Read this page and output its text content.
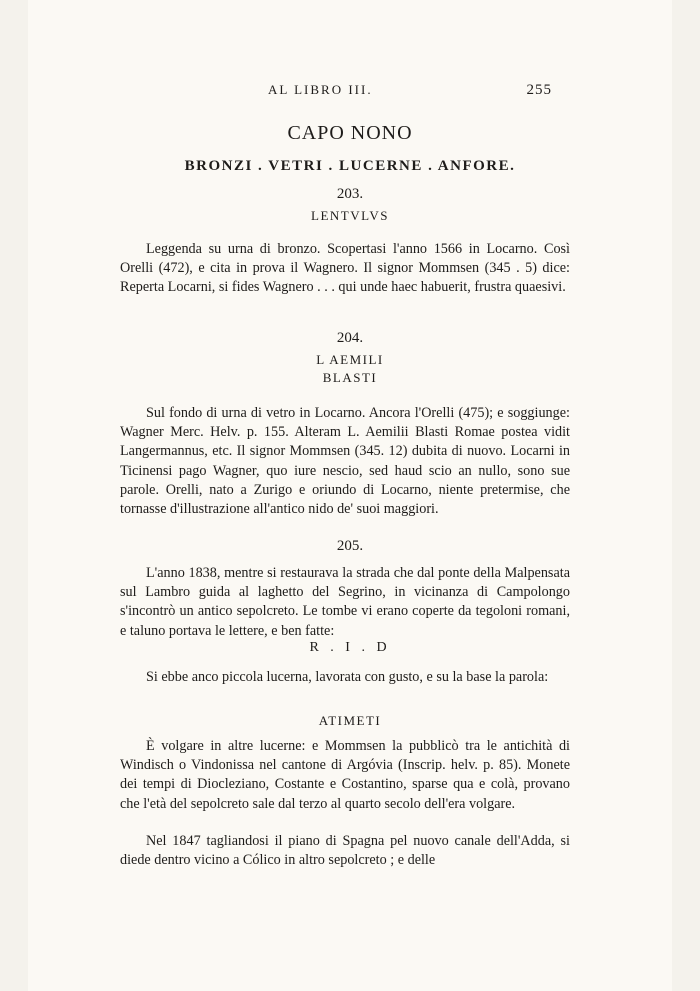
AL LIBRO III.	255
CAPO NONO
BRONZI . VETRI . LUCERNE . ANFORE.
203.
LENTVLVS
Leggenda su urna di bronzo. Scopertasi l'anno 1566 in Locarno. Così Orelli (472), e cita in prova il Wagnero. Il signor Mommsen (345 . 5) dice: Reperta Locarni, si fides Wagnero . . . qui unde haec habuerit, frustra quaesivi.
204.
L AEMILI
BLASTI
Sul fondo di urna di vetro in Locarno. Ancora l'Orelli (475); e soggiunge: Wagner Merc. Helv. p. 155. Alteram L. Aemilii Blasti Romae postea vidit Langermannus, etc. Il signor Mommsen (345. 12) dubita di nuovo. Locarni in Ticinensi pago Wagner, quo iure nescio, sed haud scio an nullo, sono sue parole. Orelli, nato a Zurigo e oriundo di Locarno, niente pretermise, che tornasse d'illustrazione all'antico nido de' suoi maggiori.
205.
L'anno 1838, mentre si restaurava la strada che dal ponte della Malpensata sul Lambro guida al laghetto del Segrino, in vicinanza di Campolongo s'incontrò un antico sepolcreto. Le tombe vi erano coperte da tegoloni romani, e taluno portava le lettere, e ben fatte:
R . I . D
Si ebbe anco piccola lucerna, lavorata con gusto, e su la base la parola:
ATIMETI
È volgare in altre lucerne: e Mommsen la pubblicò tra le antichità di Windisch o Vindonissa nel cantone di Argóvia (Inscrip. helv. p. 85). Monete dei tempi di Diocleziano, Costante e Costantino, sparse qua e colà, provano che l'età del sepolcreto sale dal terzo al quarto secolo dell'era volgare.
Nel 1847 tagliandosi il piano di Spagna pel nuovo canale dell'Adda, si diede dentro vicino a Cólico in altro sepolcreto ; e delle
